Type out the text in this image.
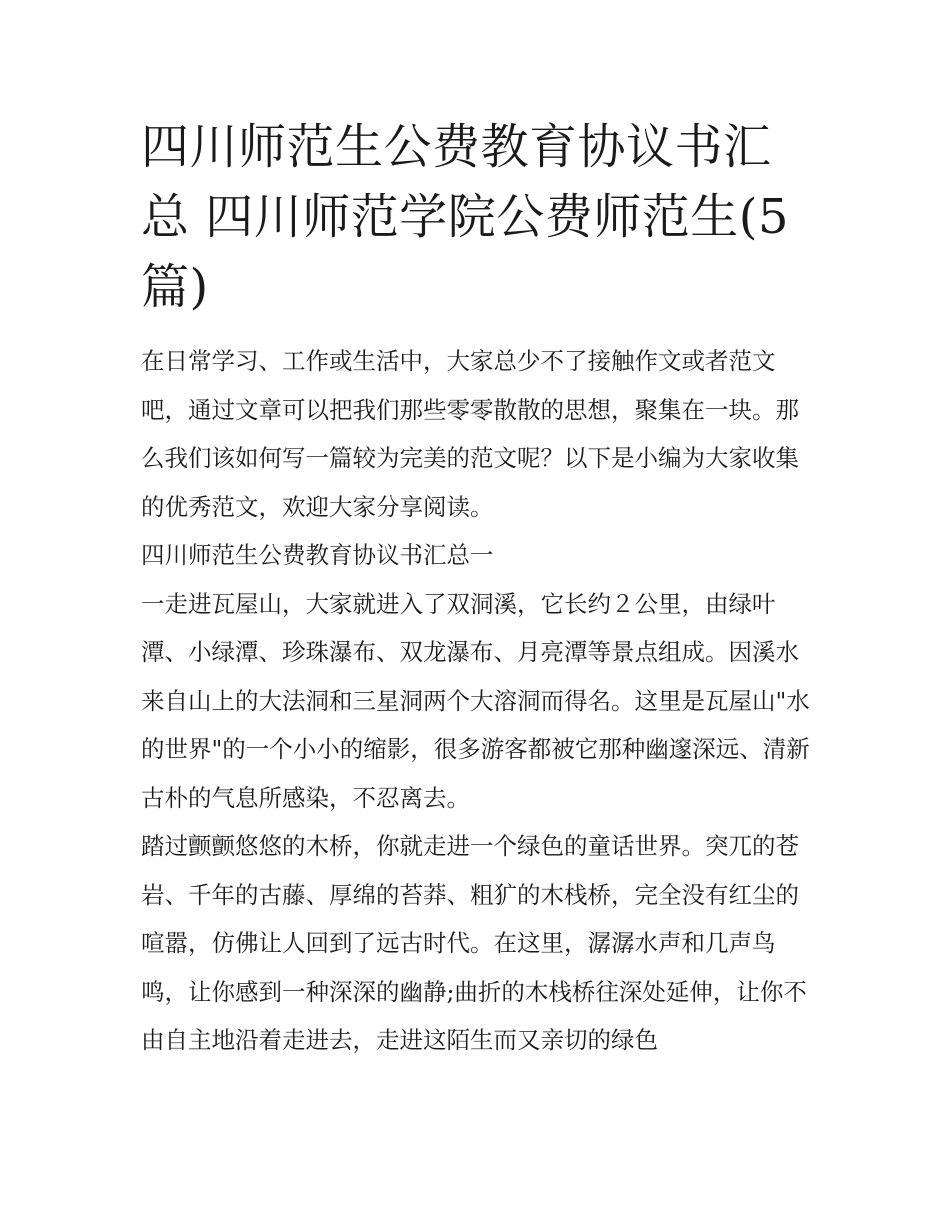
四川师范生公费教育协议书汇总 四川师范学院公费师范生(5篇)

在日常学习、工作或生活中，大家总少不了接触作文或者范文吧，通过文章可以把我们那些零零散散的思想，聚集在一块。那么我们该如何写一篇较为完美的范文呢？以下是小编为大家收集的优秀范文，欢迎大家分享阅读。

四川师范生公费教育协议书汇总一

一走进瓦屋山，大家就进入了双洞溪，它长约２公里，由绿叶潭、小绿潭、珍珠瀑布、双龙瀑布、月亮潭等景点组成。因溪水来自山上的大法洞和三星洞两个大溶洞而得名。这里是瓦屋山"水的世界"的一个小小的缩影，很多游客都被它那种幽邃深远、清新古朴的气息所感染，不忍离去。

踏过颤颤悠悠的木桥，你就走进一个绿色的童话世界。突兀的苍岩、千年的古藤、厚绵的苔莽、粗犷的木栈桥，完全没有红尘的喧嚣，仿佛让人回到了远古时代。在这里，潺潺水声和几声鸟鸣，让你感到一种深深的幽静;曲折的木栈桥往深处延伸，让你不由自主地沿着走进去，走进这陌生而又亲切的绿色
